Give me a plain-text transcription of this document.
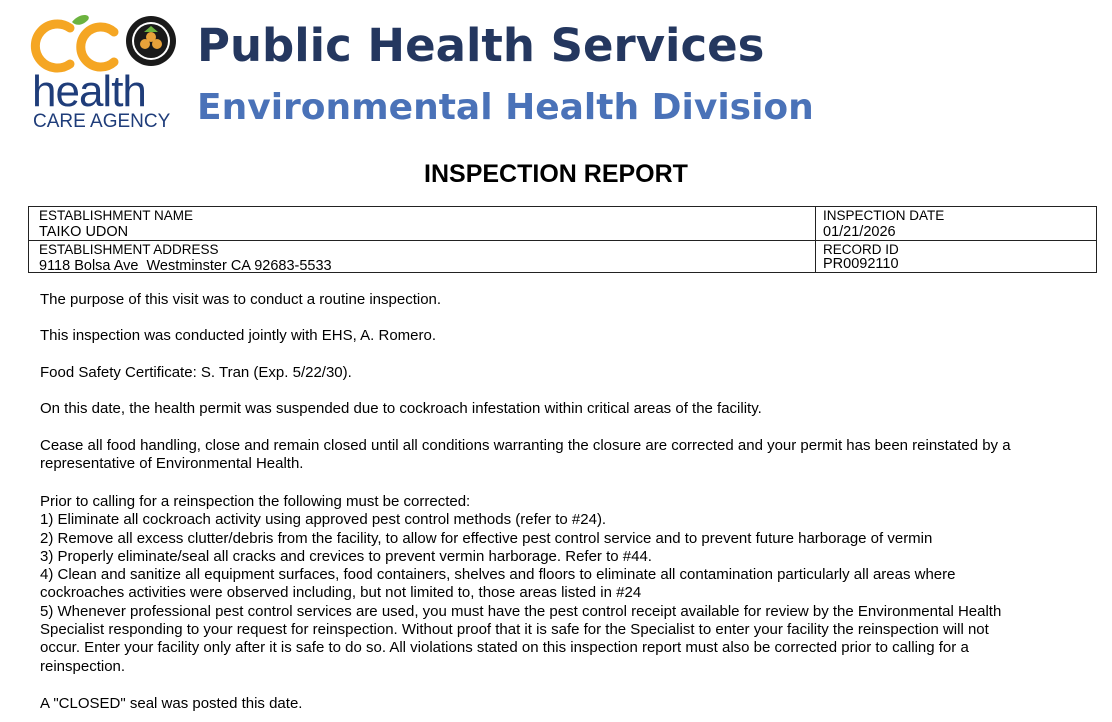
health
CARE AGENCY
Public Health Services
Environmental Health Division
INSPECTION REPORT
ESTABLISHMENT NAME
TAIKO UDON
INSPECTION DATE
01/21/2026
ESTABLISHMENT ADDRESS
9118 Bolsa Ave  Westminster CA 92683-5533
RECORD ID
PR0092110

The purpose of this visit was to conduct a routine inspection.

This inspection was conducted jointly with EHS, A. Romero.

Food Safety Certificate: S. Tran (Exp. 5/22/30).

On this date, the health permit was suspended due to cockroach infestation within critical areas of the facility.

Cease all food handling, close and remain closed until all conditions warranting the closure are corrected and your permit has been reinstated by a

representative of Environmental Health.

Prior to calling for a reinspection the following must be corrected:

1) Eliminate all cockroach activity using approved pest control methods (refer to #24).

2) Remove all excess clutter/debris from the facility, to allow for effective pest control service and to prevent future harborage of vermin

3) Properly eliminate/seal all cracks and crevices to prevent vermin harborage. Refer to #44.

4) Clean and sanitize all equipment surfaces, food containers, shelves and floors to eliminate all contamination particularly all areas where

cockroaches activities were observed including, but not limited to, those areas listed in #24

5) Whenever professional pest control services are used, you must have the pest control receipt available for review by the Environmental Health

Specialist responding to your request for reinspection. Without proof that it is safe for the Specialist to enter your facility the reinspection will not

occur. Enter your facility only after it is safe to do so. All violations stated on this inspection report must also be corrected prior to calling for a

reinspection.

A "CLOSED" seal was posted this date.
